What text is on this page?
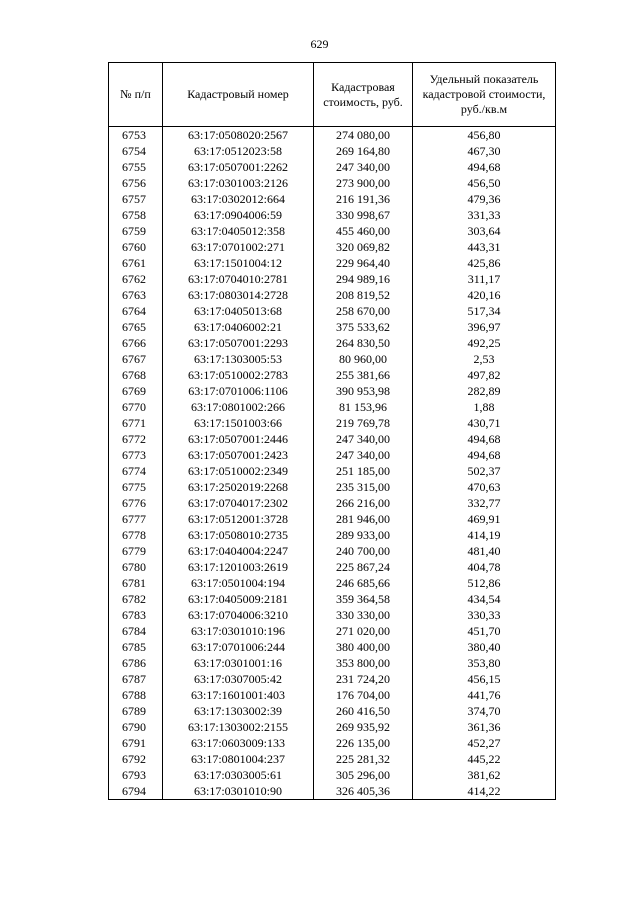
629
№ п/п	Кадастровый номер	Кадастровая стоимость, руб.	Удельный показатель кадастровой стоимости, руб./кв.м
6753	63:17:0508020:2567	274 080,00	456,80
6754	63:17:0512023:58	269 164,80	467,30
6755	63:17:0507001:2262	247 340,00	494,68
6756	63:17:0301003:2126	273 900,00	456,50
6757	63:17:0302012:664	216 191,36	479,36
6758	63:17:0904006:59	330 998,67	331,33
6759	63:17:0405012:358	455 460,00	303,64
6760	63:17:0701002:271	320 069,82	443,31
6761	63:17:1501004:12	229 964,40	425,86
6762	63:17:0704010:2781	294 989,16	311,17
6763	63:17:0803014:2728	208 819,52	420,16
6764	63:17:0405013:68	258 670,00	517,34
6765	63:17:0406002:21	375 533,62	396,97
6766	63:17:0507001:2293	264 830,50	492,25
6767	63:17:1303005:53	80 960,00	2,53
6768	63:17:0510002:2783	255 381,66	497,82
6769	63:17:0701006:1106	390 953,98	282,89
6770	63:17:0801002:266	81 153,96	1,88
6771	63:17:1501003:66	219 769,78	430,71
6772	63:17:0507001:2446	247 340,00	494,68
6773	63:17:0507001:2423	247 340,00	494,68
6774	63:17:0510002:2349	251 185,00	502,37
6775	63:17:2502019:2268	235 315,00	470,63
6776	63:17:0704017:2302	266 216,00	332,77
6777	63:17:0512001:3728	281 946,00	469,91
6778	63:17:0508010:2735	289 933,00	414,19
6779	63:17:0404004:2247	240 700,00	481,40
6780	63:17:1201003:2619	225 867,24	404,78
6781	63:17:0501004:194	246 685,66	512,86
6782	63:17:0405009:2181	359 364,58	434,54
6783	63:17:0704006:3210	330 330,00	330,33
6784	63:17:0301010:196	271 020,00	451,70
6785	63:17:0701006:244	380 400,00	380,40
6786	63:17:0301001:16	353 800,00	353,80
6787	63:17:0307005:42	231 724,20	456,15
6788	63:17:1601001:403	176 704,00	441,76
6789	63:17:1303002:39	260 416,50	374,70
6790	63:17:1303002:2155	269 935,92	361,36
6791	63:17:0603009:133	226 135,00	452,27
6792	63:17:0801004:237	225 281,32	445,22
6793	63:17:0303005:61	305 296,00	381,62
6794	63:17:0301010:90	326 405,36	414,22
